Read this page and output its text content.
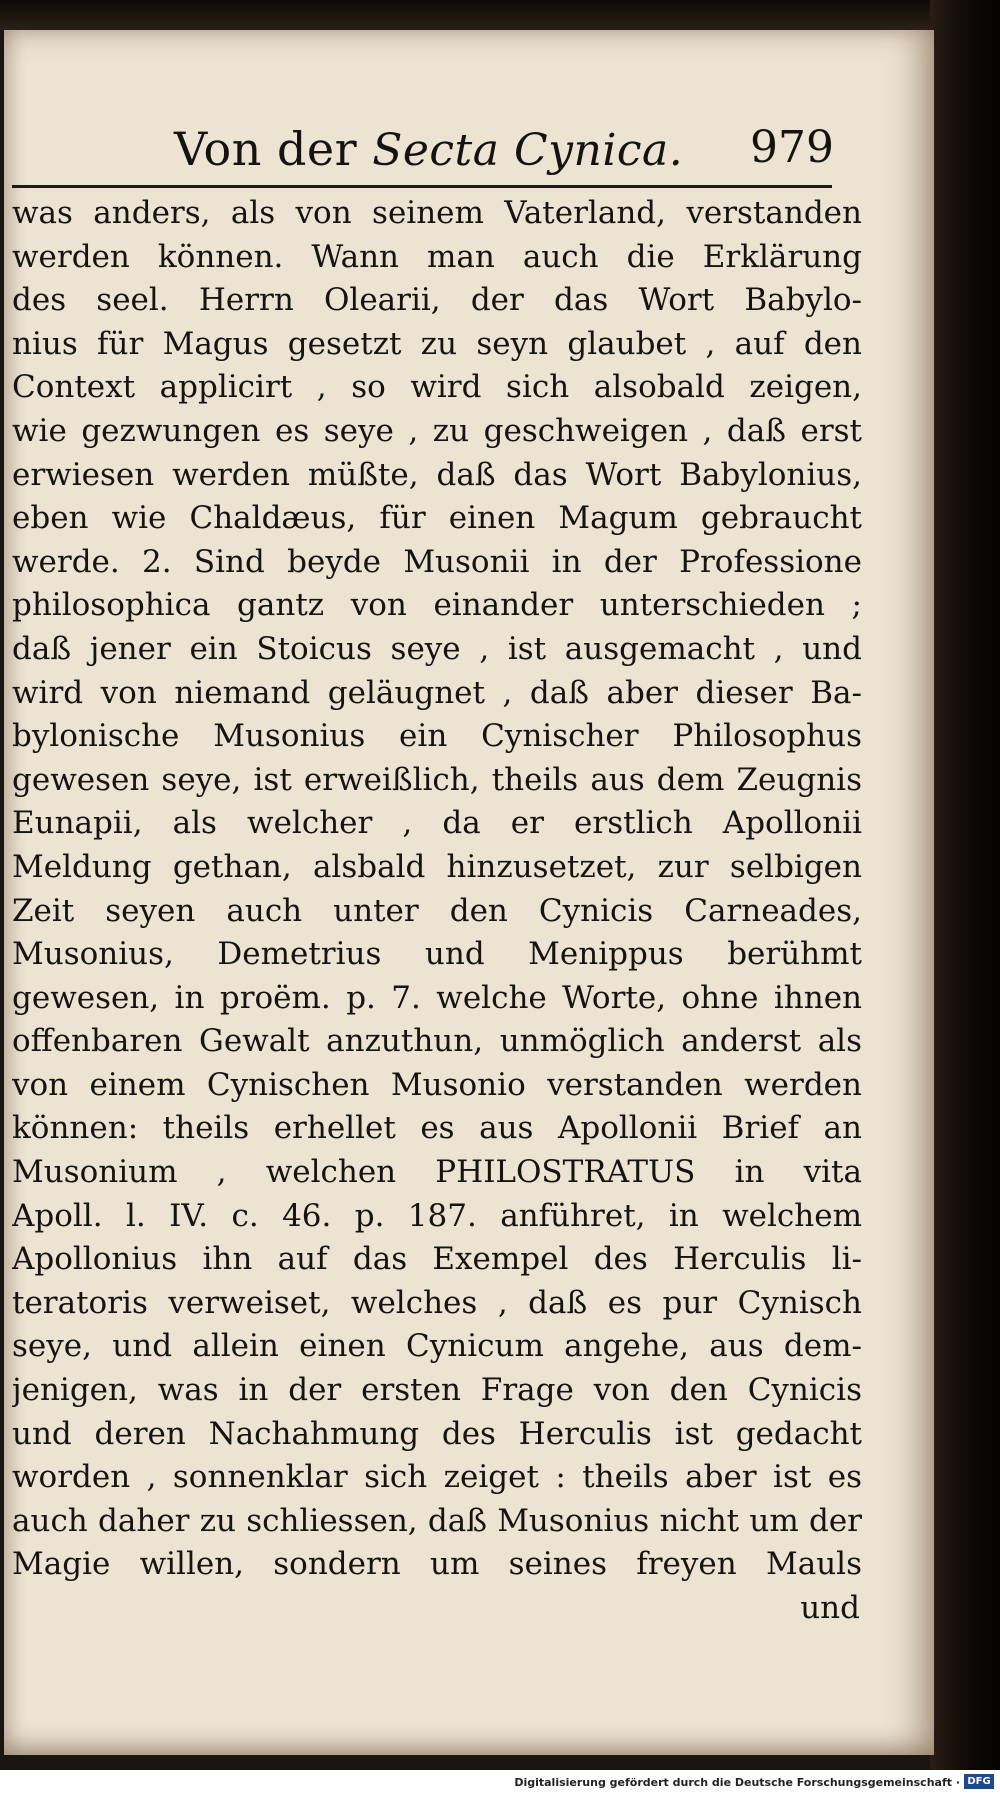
Von der Secta Cynica. 979
was anders, als von seinem Vaterland, verstanden
werden können. Wann man auch die Erklärung
des seel. Herrn Olearii, der das Wort Babylo-
nius für Magus gesetzt zu seyn glaubet , auf den
Context applicirt , so wird sich alsobald zeigen,
wie gezwungen es seye , zu geschweigen , daß erst
erwiesen werden müßte, daß das Wort Babylonius,
eben wie Chaldæus, für einen Magum gebraucht
werde. 2. Sind beyde Musonii in der Professione
philosophica gantz von einander unterschieden ;
daß jener ein Stoicus seye , ist ausgemacht , und
wird von niemand geläugnet , daß aber dieser Ba-
bylonische Musonius ein Cynischer Philosophus
gewesen seye, ist erweißlich, theils aus dem Zeugnis
Eunapii, als welcher , da er erstlich Apollonii
Meldung gethan, alsbald hinzusetzet, zur selbigen
Zeit seyen auch unter den Cynicis Carneades,
Musonius, Demetrius und Menippus berühmt
gewesen, in proëm. p. 7. welche Worte, ohne ihnen
offenbaren Gewalt anzuthun, unmöglich anderst als
von einem Cynischen Musonio verstanden werden
können: theils erhellet es aus Apollonii Brief an
Musonium , welchen PHILOSTRATUS in vita
Apoll. l. IV. c. 46. p. 187. anführet, in welchem
Apollonius ihn auf das Exempel des Herculis li-
teratoris verweiset, welches , daß es pur Cynisch
seye, und allein einen Cynicum angehe, aus dem-
jenigen, was in der ersten Frage von den Cynicis
und deren Nachahmung des Herculis ist gedacht
worden , sonnenklar sich zeiget : theils aber ist es
auch daher zu schliessen, daß Musonius nicht um der
Magie willen, sondern um seines freyen Mauls
und
Digitalisierung gefördert durch die Deutsche Forschungsgemeinschaft · DFG
